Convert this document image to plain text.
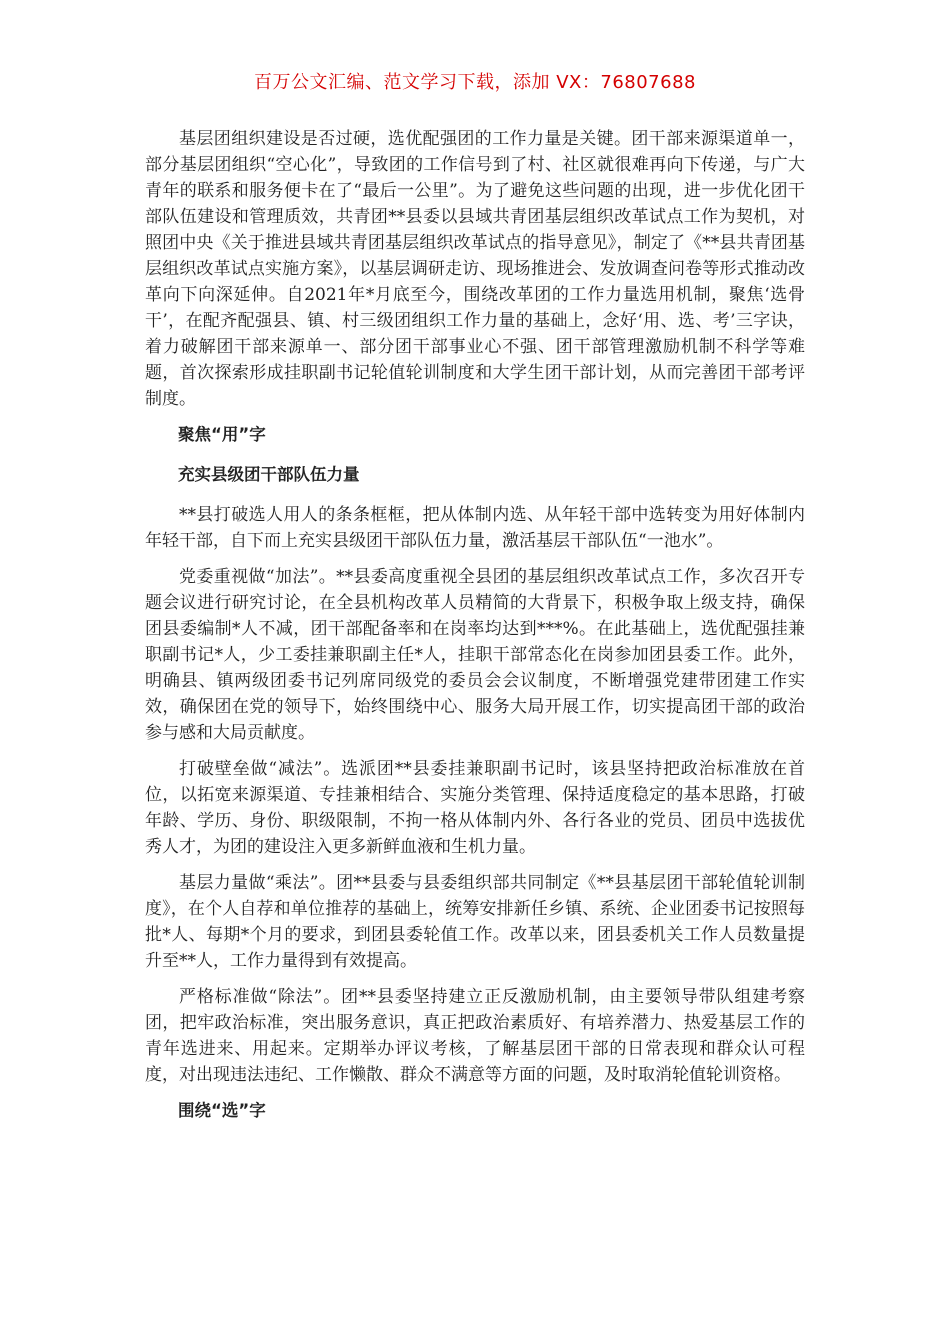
百万公文汇编、范文学习下载，添加 VX：76807688

基层团组织建设是否过硬，选优配强团的工作力量是关键。团干部来源渠道单一，部分基层团组织“空心化”，导致团的工作信号到了村、社区就很难再向下传递，与广大青年的联系和服务便卡在了“最后一公里”。为了避免这些问题的出现，进一步优化团干部队伍建设和管理质效，共青团**县委以县域共青团基层组织改革试点工作为契机，对照团中央《关于推进县域共青团基层组织改革试点的指导意见》，制定了《**县共青团基层组织改革试点实施方案》，以基层调研走访、现场推进会、发放调查问卷等形式推动改革向下向深延伸。自2021年*月底至今，围绕改革团的工作力量选用机制，聚焦‘选骨干’，在配齐配强县、镇、村三级团组织工作力量的基础上，念好‘用、选、考’三字诀，着力破解团干部来源单一、部分团干部事业心不强、团干部管理激励机制不科学等难题，首次探索形成挂职副书记轮值轮训制度和大学生团干部计划，从而完善团干部考评制度。

聚焦“用”字

充实县级团干部队伍力量

**县打破选人用人的条条框框，把从体制内选、从年轻干部中选转变为用好体制内年轻干部，自下而上充实县级团干部队伍力量，激活基层干部队伍“一池水”。

党委重视做“加法”。**县委高度重视全县团的基层组织改革试点工作，多次召开专题会议进行研究讨论，在全县机构改革人员精简的大背景下，积极争取上级支持，确保团县委编制*人不减，团干部配备率和在岗率均达到***%。在此基础上，选优配强挂兼职副书记*人，少工委挂兼职副主任*人，挂职干部常态化在岗参加团县委工作。此外，明确县、镇两级团委书记列席同级党的委员会会议制度，不断增强党建带团建工作实效，确保团在党的领导下，始终围绕中心、服务大局开展工作，切实提高团干部的政治参与感和大局贡献度。

打破壁垒做“减法”。选派团**县委挂兼职副书记时，该县坚持把政治标准放在首位，以拓宽来源渠道、专挂兼相结合、实施分类管理、保持适度稳定的基本思路，打破年龄、学历、身份、职级限制，不拘一格从体制内外、各行各业的党员、团员中选拔优秀人才，为团的建设注入更多新鲜血液和生机力量。

基层力量做“乘法”。团**县委与县委组织部共同制定《**县基层团干部轮值轮训制度》，在个人自荐和单位推荐的基础上，统筹安排新任乡镇、系统、企业团委书记按照每批*人、每期*个月的要求，到团县委轮值工作。改革以来，团县委机关工作人员数量提升至**人，工作力量得到有效提高。

严格标准做“除法”。团**县委坚持建立正反激励机制，由主要领导带队组建考察团，把牢政治标准，突出服务意识，真正把政治素质好、有培养潜力、热爱基层工作的青年选进来、用起来。定期举办评议考核，了解基层团干部的日常表现和群众认可程度，对出现违法违纪、工作懒散、群众不满意等方面的问题，及时取消轮值轮训资格。

围绕“选”字
